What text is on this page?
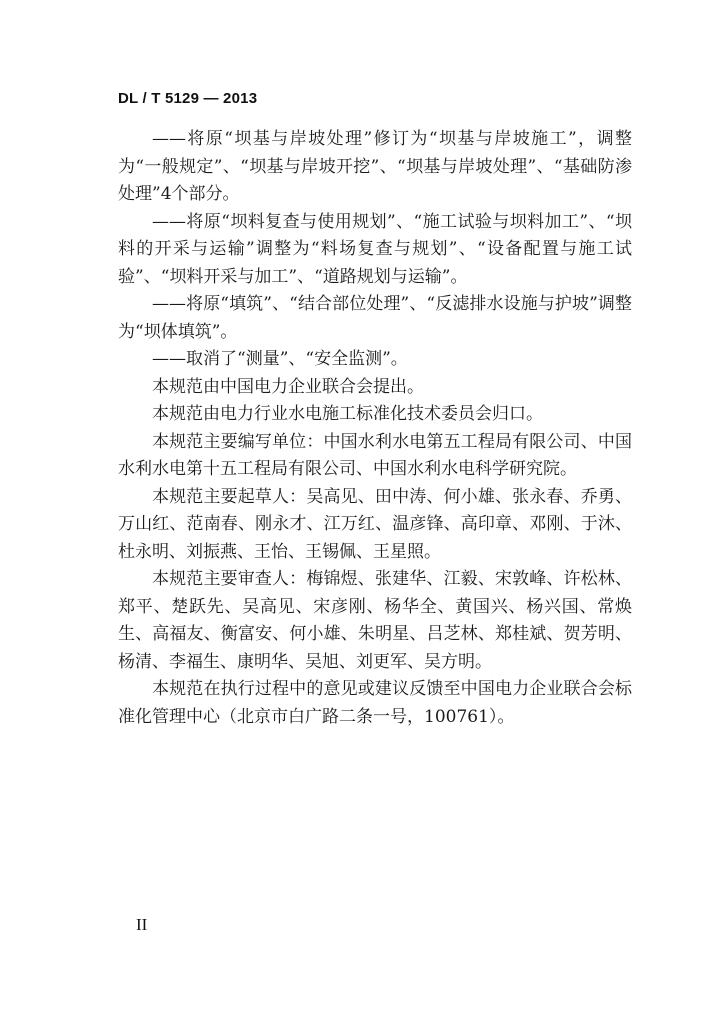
DL / T 5129 — 2013

——将原“坝基与岸坡处理”修订为“坝基与岸坡施工”，调整为“一般规定”、“坝基与岸坡开挖”、“坝基与岸坡处理”、“基础防渗处理”4个部分。

——将原“坝料复查与使用规划”、“施工试验与坝料加工”、“坝料的开采与运输”调整为“料场复查与规划”、“设备配置与施工试验”、“坝料开采与加工”、“道路规划与运输”。

——将原“填筑”、“结合部位处理”、“反滤排水设施与护坡”调整为“坝体填筑”。

——取消了“测量”、“安全监测”。

本规范由中国电力企业联合会提出。

本规范由电力行业水电施工标准化技术委员会归口。

本规范主要编写单位：中国水利水电第五工程局有限公司、中国水利水电第十五工程局有限公司、中国水利水电科学研究院。

本规范主要起草人：吴高见、田中涛、何小雄、张永春、乔勇、万山红、范南春、刚永才、江万红、温彦锋、高印章、邓刚、于沐、杜永明、刘振燕、王怡、王锡佩、王星照。

本规范主要审查人：梅锦煜、张建华、江毅、宋敦峰、许松林、郑平、楚跃先、吴高见、宋彦刚、杨华全、黄国兴、杨兴国、常焕生、高福友、衡富安、何小雄、朱明星、吕芝林、郑桂斌、贺芳明、杨清、李福生、康明华、吴旭、刘更军、吴方明。

本规范在执行过程中的意见或建议反馈至中国电力企业联合会标准化管理中心（北京市白广路二条一号，100761）。

II
